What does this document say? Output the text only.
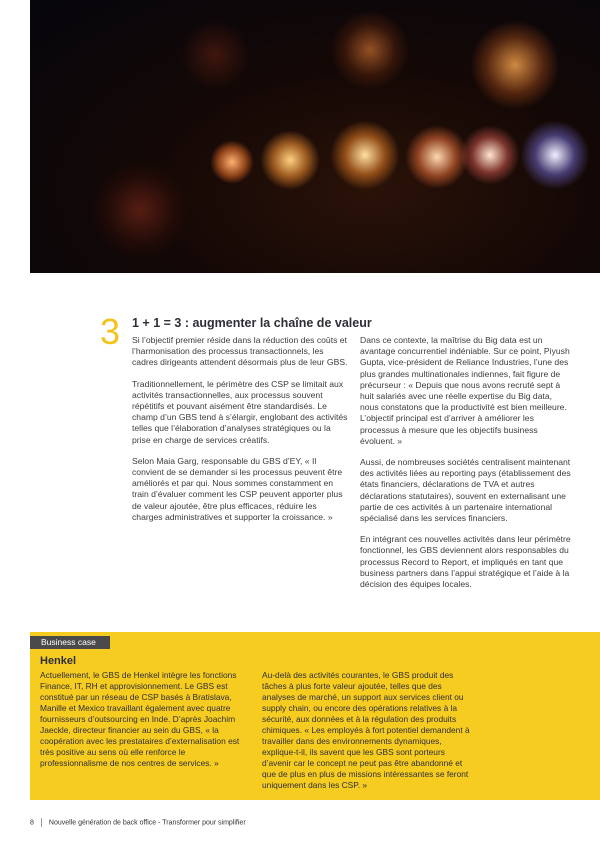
3 1 + 1 = 3 : augmenter la chaîne de valeur

Si l’objectif premier réside dans la réduction des coûts et l’harmonisation des processus transactionnels, les cadres dirigeants attendent désormais plus de leur GBS.

Traditionnellement, le périmètre des CSP se limitait aux activités transactionnelles, aux processus souvent répétitifs et pouvant aisément être standardisés. Le champ d’un GBS tend à s’élargir, englobant des activités telles que l’élaboration d’analyses stratégiques ou la prise en charge de services créatifs.

Selon Maia Garg, responsable du GBS d’EY, « Il convient de se demander si les processus peuvent être améliorés et par qui. Nous sommes constamment en train d’évaluer comment les CSP peuvent apporter plus de valeur ajoutée, être plus efficaces, réduire les charges administratives et supporter la croissance. »

Dans ce contexte, la maîtrise du Big data est un avantage concurrentiel indéniable. Sur ce point, Piyush Gupta, vice-président de Reliance Industries, l’une des plus grandes multinationales indiennes, fait figure de précurseur : « Depuis que nous avons recruté sept à huit salariés avec une réelle expertise du Big data, nous constatons que la productivité est bien meilleure. L’objectif principal est d’arriver à améliorer les processus à mesure que les objectifs business évoluent. »

Aussi, de nombreuses sociétés centralisent maintenant des activités liées au reporting pays (établissement des états financiers, déclarations de TVA et autres déclarations statutaires), souvent en externalisant une partie de ces activités à un partenaire international spécialisé dans les services financiers.

En intégrant ces nouvelles activités dans leur périmètre fonctionnel, les GBS deviennent alors responsables du processus Record to Report, et impliqués en tant que business partners dans l’appui stratégique et l’aide à la décision des équipes locales.

Business case
Henkel
Actuellement, le GBS de Henkel intègre les fonctions Finance, IT, RH et approvisionnement. Le GBS est constitué par un réseau de CSP basés à Bratislava, Manille et Mexico travaillant également avec quatre fournisseurs d’outsourcing en Inde. D’après Joachim Jaeckle, directeur financier au sein du GBS, « la coopération avec les prestataires d’externalisation est très positive au sens où elle renforce le professionnalisme de nos centres de services. »
Au-delà des activités courantes, le GBS produit des tâches à plus forte valeur ajoutée, telles que des analyses de marché, un support aux services client ou supply chain, ou encore des opérations relatives à la sécurité, aux données et à la régulation des produits chimiques. « Les employés à fort potentiel demandent à travailler dans des environnements dynamiques, explique-t-il, ils savent que les GBS sont porteurs d’avenir car le concept ne peut pas être abandonné et que de plus en plus de missions intéressantes se feront uniquement dans les CSP. »
8 Nouvelle génération de back office - Transformer pour simplifier
